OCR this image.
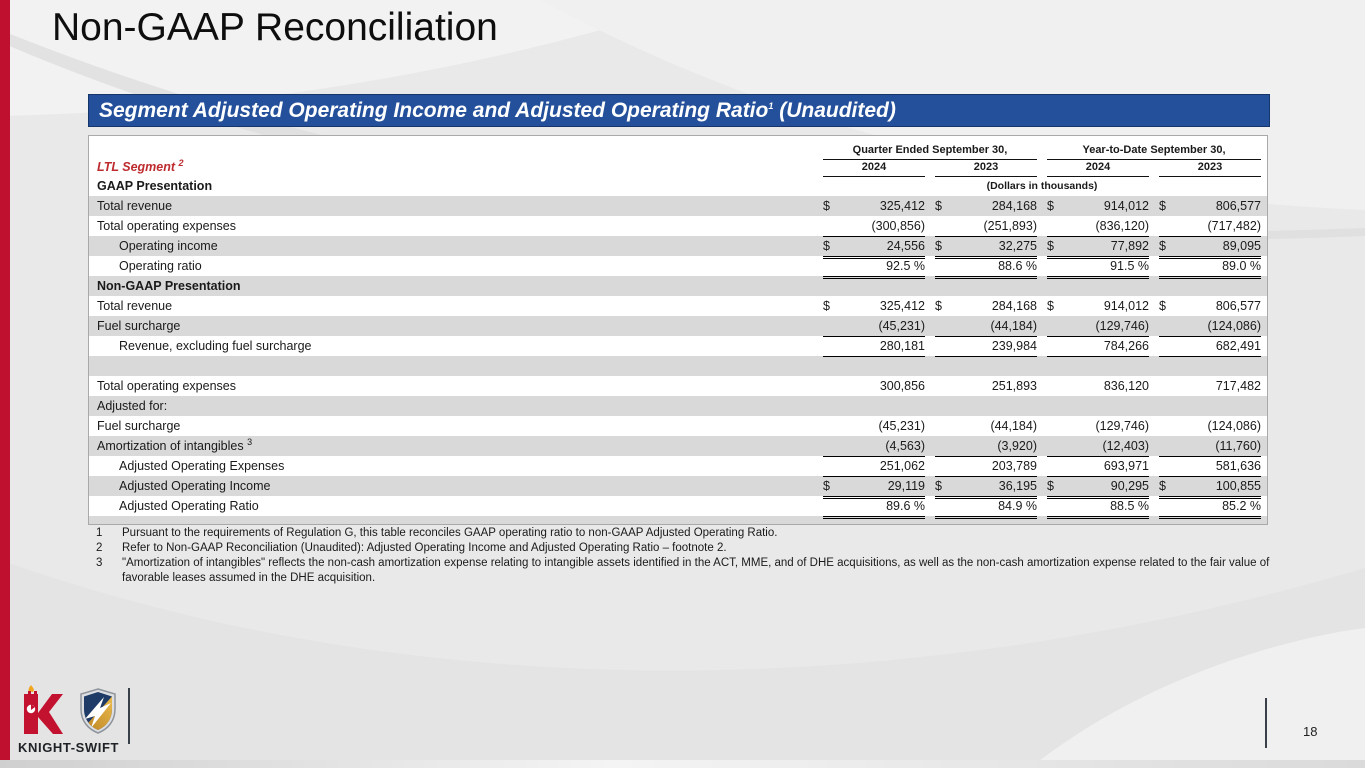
Non-GAAP Reconciliation
Segment Adjusted Operating Income and Adjusted Operating Ratio$^1$ (Unaudited)
Quarter Ended September 30,	Year-to-Date September 30,
LTL Segment $^2$	2024	2023	2024	2023
GAAP Presentation	(Dollars in thousands)
Total revenue	$	325,412 $	284,168 $	914,012 $	806,577
Total operating expenses	(300,856)	(251,893)	(836,120)	(717,482)
Operating income	$	24,556 $	32,275 $	77,892 $	89,095
Operating ratio	92.5 %	88.6 %	91.5 %	89.0 %
Non-GAAP Presentation
Total revenue	$	325,412 $	284,168 $	914,012 $	806,577
Fuel surcharge	(45,231)	(44,184)	(129,746)	(124,086)
Revenue, excluding fuel surcharge	280,181	239,984	784,266	682,491
Total operating expenses	300,856	251,893	836,120	717,482
Adjusted for:
Fuel surcharge	(45,231)	(44,184)	(129,746)	(124,086)
Amortization of intangibles $^3$	(4,563)	(3,920)	(12,403)	(11,760)
Adjusted Operating Expenses	251,062	203,789	693,971	581,636
Adjusted Operating Income	$	29,119 $	36,195 $	90,295 $	100,855
Adjusted Operating Ratio	89.6 %	84.9 %	88.5 %	85.2 %
1	Pursuant to the requirements of Regulation G, this table reconciles GAAP operating ratio to non-GAAP Adjusted Operating Ratio.
2	Refer to Non-GAAP Reconciliation (Unaudited): Adjusted Operating Income and Adjusted Operating Ratio – footnote 2.
3	"Amortization of intangibles" reflects the non-cash amortization expense relating to intangible assets identified in the ACT, MME, and of DHE acquisitions, as well as the non-cash amortization expense related to the fair value of favorable leases assumed in the DHE acquisition.
KNIGHT-SWIFT
18
